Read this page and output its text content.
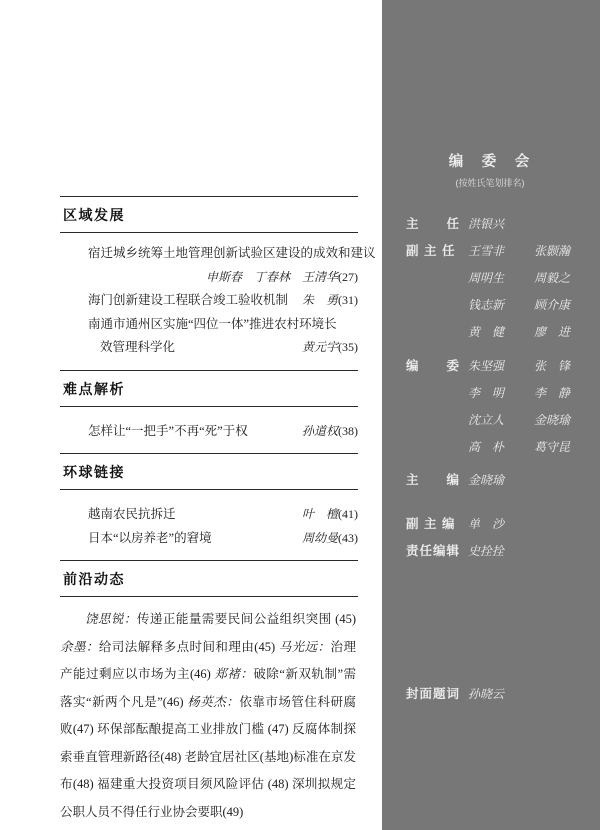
区域发展
宿迁城乡统筹土地管理创新试验区建设的成效和建议
申斯春　丁春林　王清华(27)
海门创新建设工程联合竣工验收机制 朱　勇(31)
南通市通州区实施“四位一体”推进农村环境长
效管理科学化	黄元宇(35)
难点解析
怎样让“一把手”不再“死”于权	孙道权(38)
环球链接
越南农民抗拆迁	叶　檀(41)
日本“以房养老”的窘境	周幼曼(43)
前沿动态

饶思锐：传递正能量需要民间公益组织突围 (45) 余墨：给司法解释多点时间和理由(45) 马光远：治理产能过剩应以市场为主(46) 郑褚：破除“新双轨制”需落实“新两个凡是”(46) 杨英杰：依靠市场管住科研腐败(47) 环保部酝酿提高工业排放门槛 (47) 反腐体制探索垂直管理新路径(48) 老龄宜居社区(基地)标准在京发布(48) 福建重大投资项目须风险评估 (48) 深圳拟规定公职人员不得任行业协会要职(49)

编　委　会
(按姓氏笔划排名)
主　　任 洪银兴
副 主 任	王雪非	张颢瀚
周明生	周毅之
钱志新	顾介康
黄　健	廖　进
编　　委 朱坚强	张　锋
李　明	李　静
沈立人	金晓瑜
高　朴	葛守昆
主　　编 金晓瑜
副 主 编	单　沙
责任编辑 史拴拴
封面题词 孙晓云
